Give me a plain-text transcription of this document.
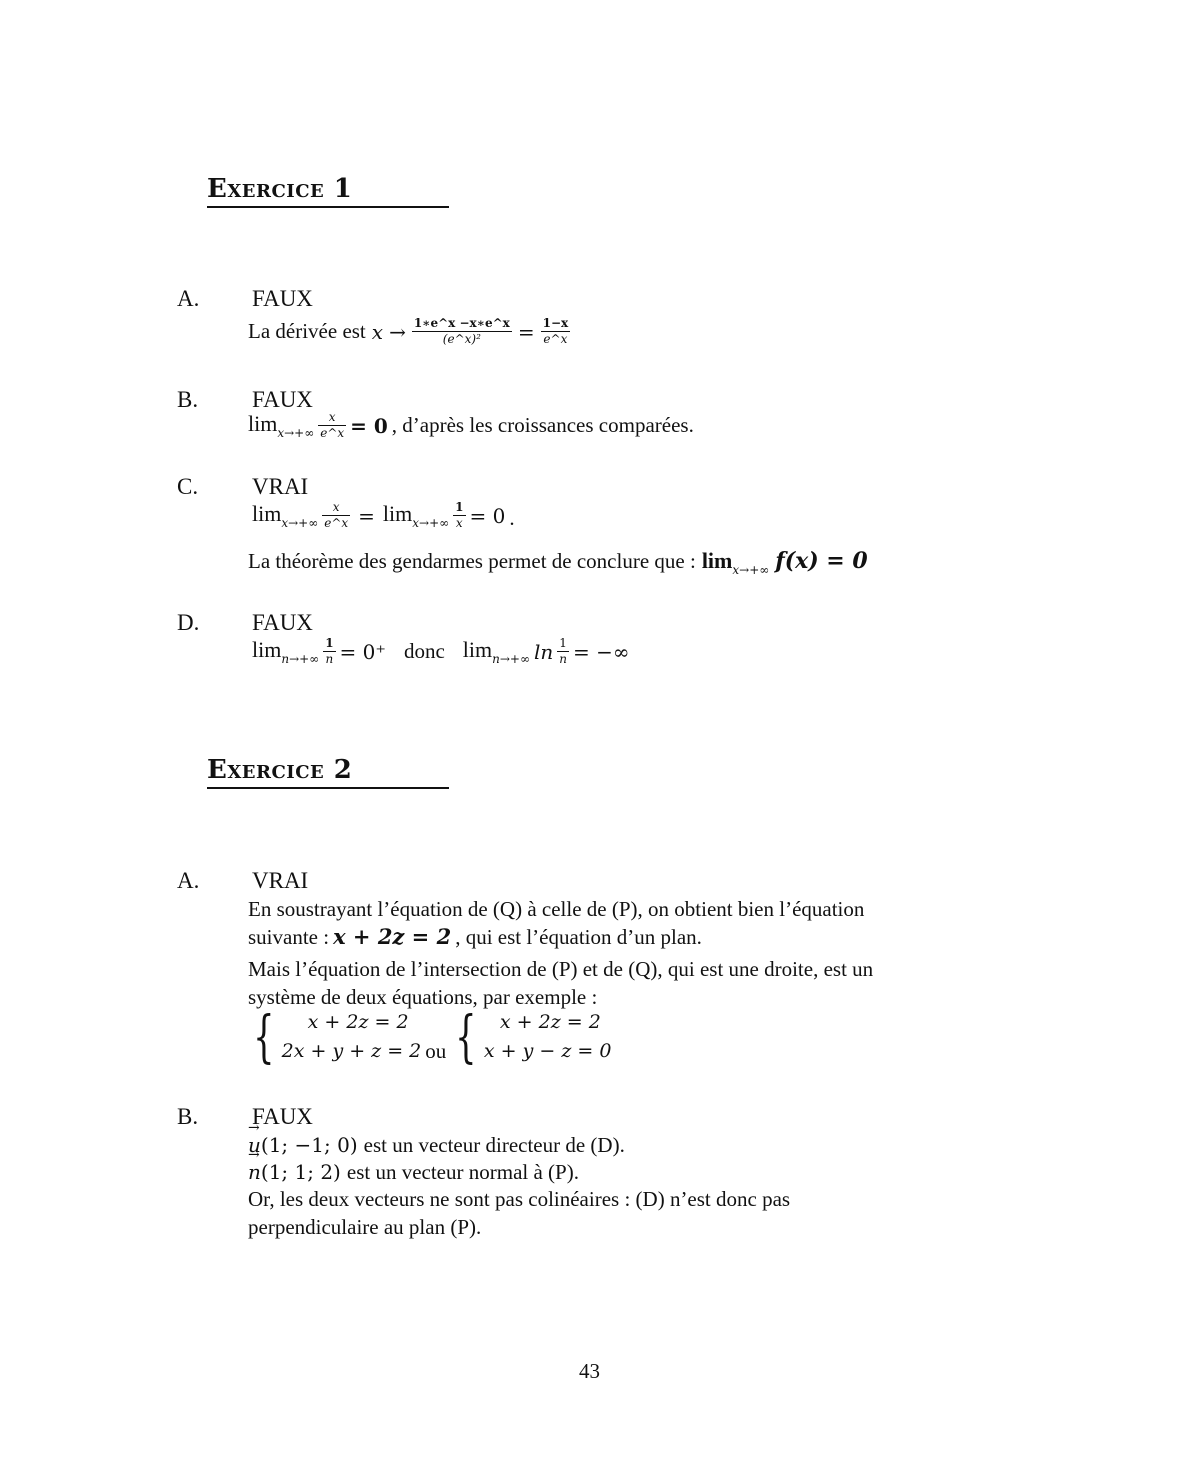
Exercice 1
A. FAUX
La dérivée est $x \to \frac{1∗e\^{}x -x∗e\^{}x}{\text{(e\textasciicircum{}x)²}} = \frac{1-x}{e\^{}x}$
B. FAUX
$\lim_{x\to+\infty} \frac{x}{e\^{}x} = 0$ , d’après les croissances comparées.
C. VRAI
$\lim_{x\to+\infty} \frac{x}{e\^{}x} = \lim_{x\to+\infty} \frac{1}{x} = 0$ .
La théorème des gendarmes permet de conclure que : $\lim_{x\to+\infty} f(x) = 0$
D. FAUX
$\lim_{n\to+\infty} \frac{1}{n} = 0^+$ donc $\lim_{n\to+\infty} \ln \frac{1}{n}$ = −∞
Exercice 2
A. VRAI
En soustrayant l’équation de (Q) à celle de (P), on obtient bien l’équation
suivante : x + 2z = 2 , qui est l’équation d’un plan.
Mais l’équation de l’intersection de (P) et de (Q), qui est une droite, est un
système de deux équations, par exemple :
{	x + 2z = 2
2x + y + z = 2 ou {	x + 2z = 2
x + y − z = 0
B. FAUX
→ u(1; −1; 0) est un vecteur directeur de (D).
→ n(1; 1; 2) est un vecteur normal à (P).
Or, les deux vecteurs ne sont pas colinéaires : (D) n’est donc pas
perpendiculaire au plan (P).
43
